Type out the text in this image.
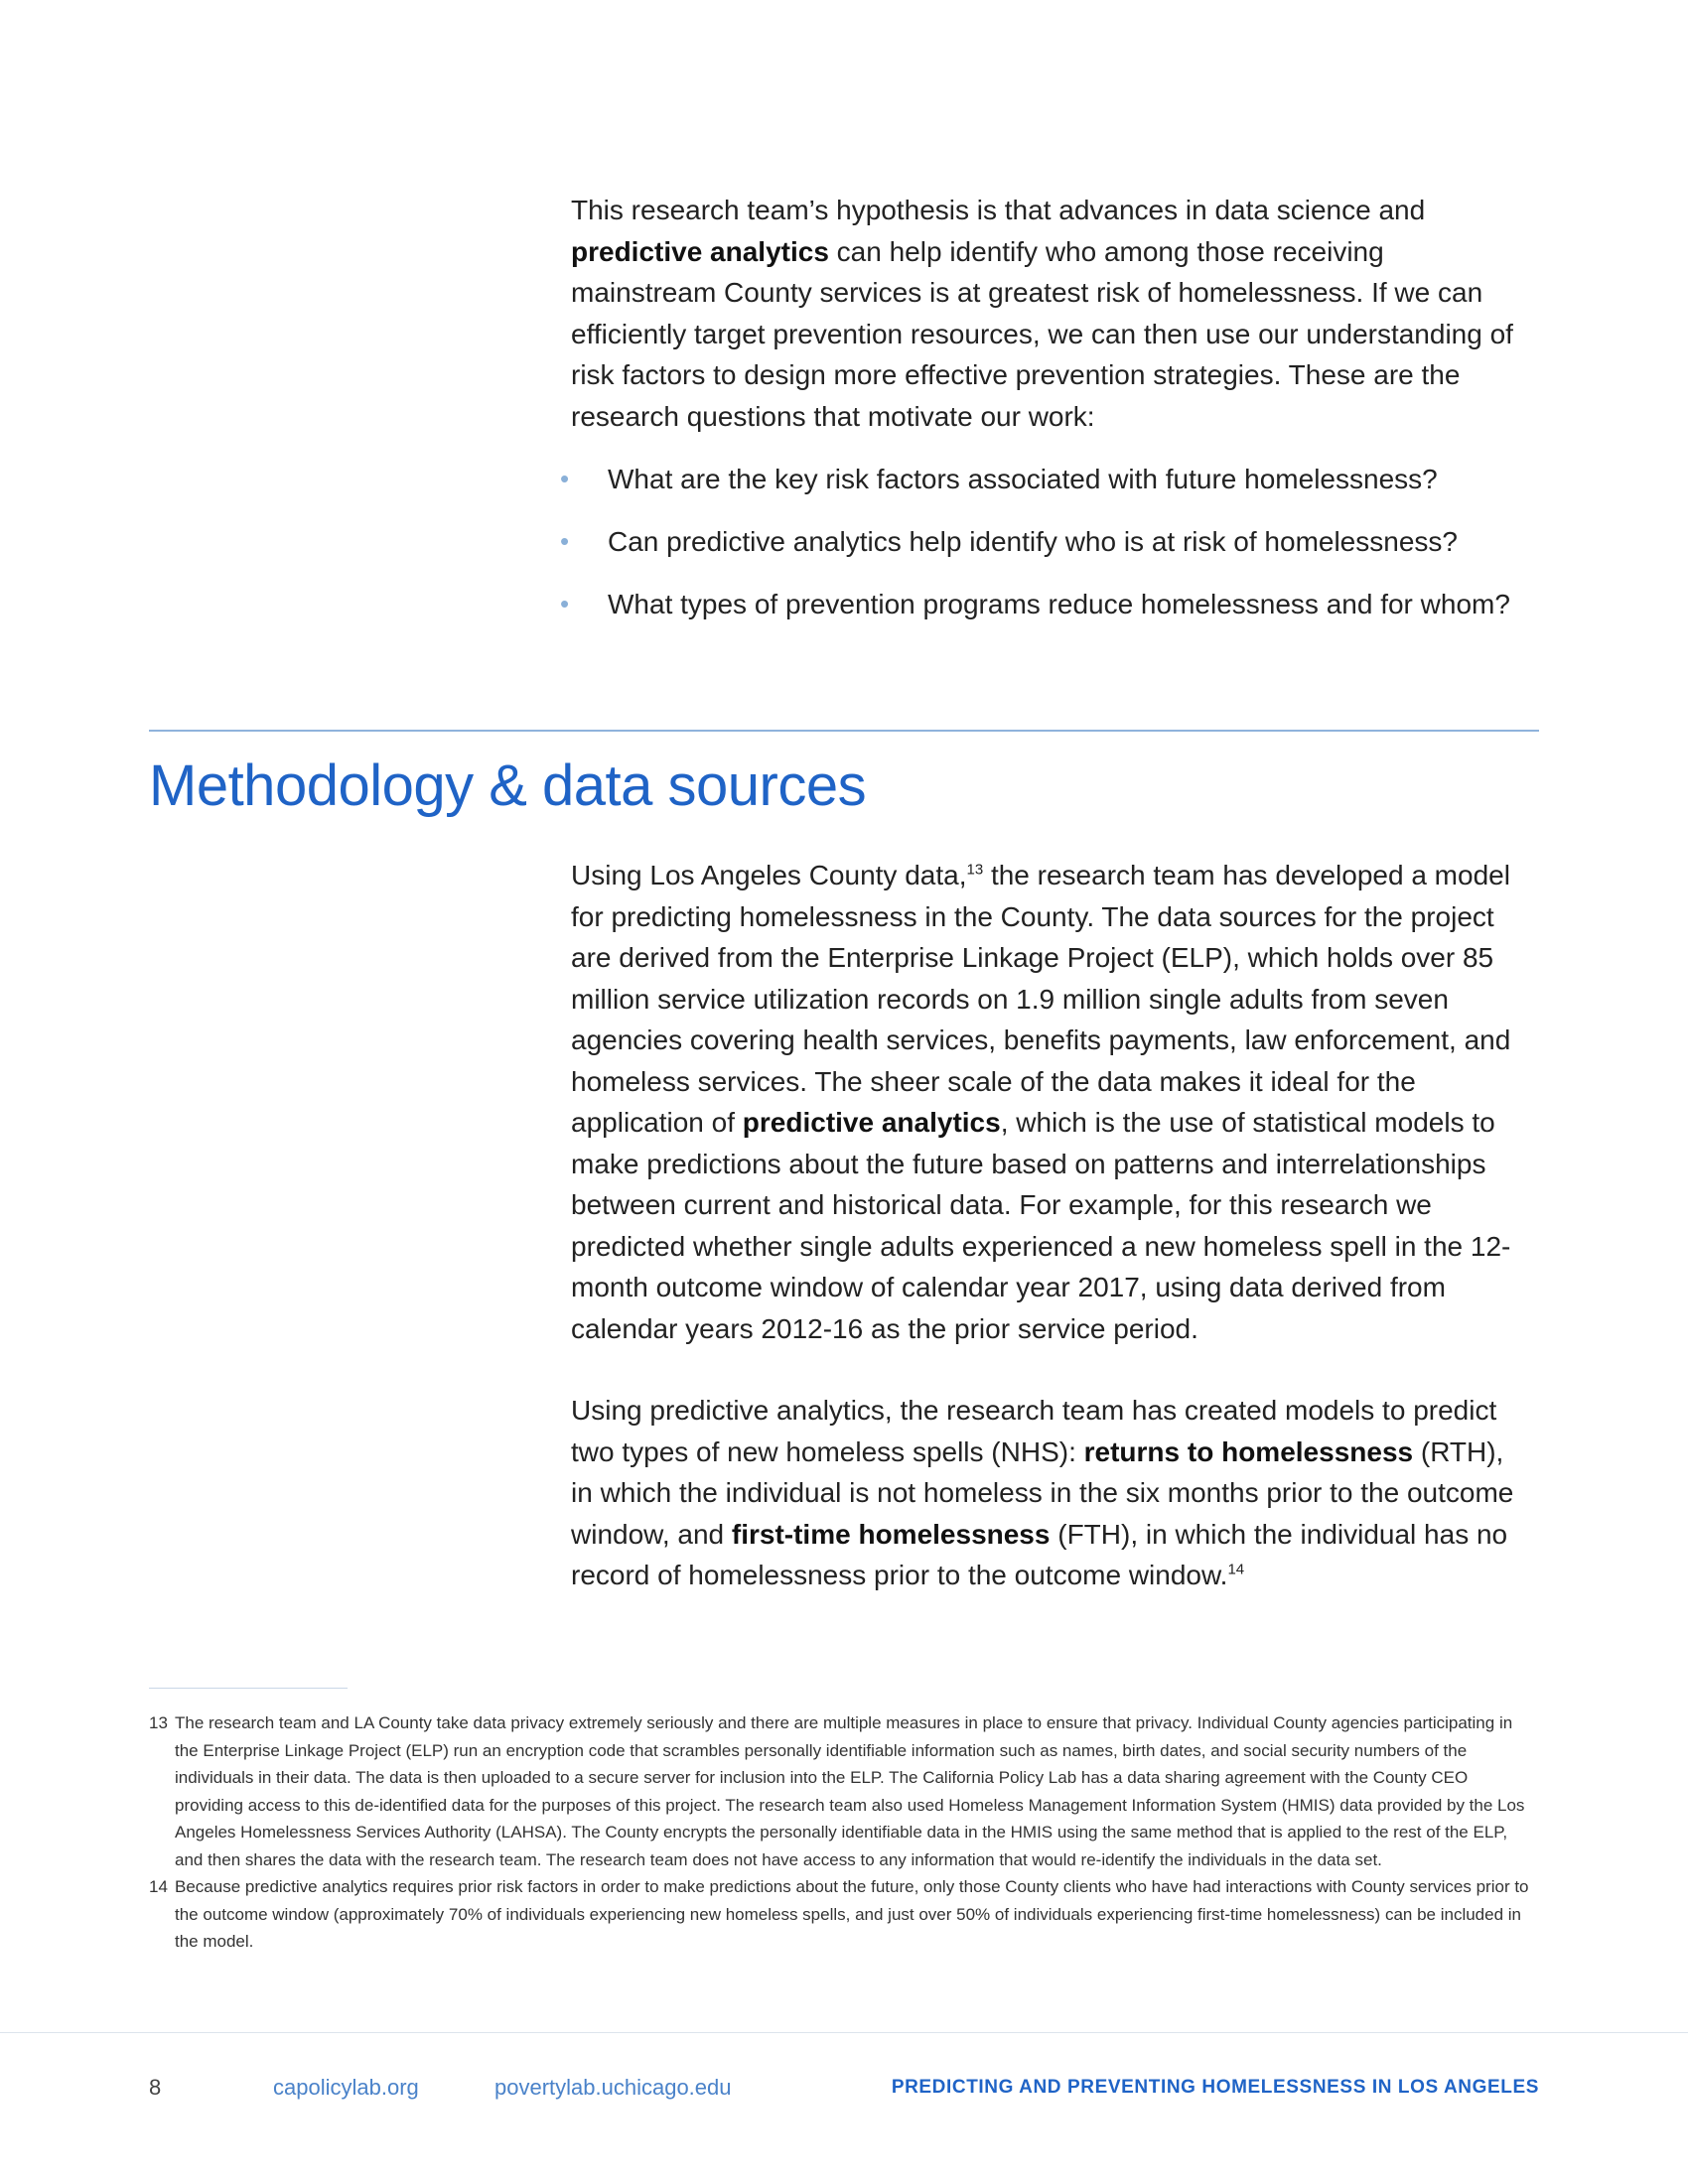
This research team’s hypothesis is that advances in data science and predictive analytics can help identify who among those receiving mainstream County services is at greatest risk of homelessness. If we can efficiently target prevention resources, we can then use our understanding of risk factors to design more effective prevention strategies. These are the research questions that motivate our work:

• What are the key risk factors associated with future homelessness?
• Can predictive analytics help identify who is at risk of homelessness?
• What types of prevention programs reduce homelessness and for whom?
Methodology & data sources

Using Los Angeles County data,$^{13}$ the research team has developed a model for predicting homelessness in the County. The data sources for the project are derived from the Enterprise Linkage Project (ELP), which holds over 85 million service utilization records on 1.9 million single adults from seven agencies covering health services, benefits payments, law enforcement, and homeless services. The sheer scale of the data makes it ideal for the application of predictive analytics, which is the use of statistical models to make predictions about the future based on patterns and interrelationships between current and historical data. For example, for this research we predicted whether single adults experienced a new homeless spell in the 12-month outcome window of calendar year 2017, using data derived from calendar years 2012-16 as the prior service period.

Using predictive analytics, the research team has created models to predict two types of new homeless spells (NHS): returns to homelessness (RTH), in which the individual is not homeless in the six months prior to the outcome window, and first-time homelessness (FTH), in which the individual has no record of homelessness prior to the outcome window.$^{14}$

13 The research team and LA County take data privacy extremely seriously and there are multiple measures in place to ensure that privacy. Individual County agencies participating in the Enterprise Linkage Project (ELP) run an encryption code that scrambles personally identifiable information such as names, birth dates, and social security numbers of the individuals in their data. The data is then uploaded to a secure server for inclusion into the ELP. The California Policy Lab has a data sharing agreement with the County CEO providing access to this de-identified data for the purposes of this project. The research team also used Homeless Management Information System (HMIS) data provided by the Los Angeles Homelessness Services Authority (LAHSA). The County encrypts the personally identifiable data in the HMIS using the same method that is applied to the rest of the ELP, and then shares the data with the research team. The research team does not have access to any information that would re-identify the individuals in the data set.

14 Because predictive analytics requires prior risk factors in order to make predictions about the future, only those County clients who have had interactions with County services prior to the outcome window (approximately 70% of individuals experiencing new homeless spells, and just over 50% of individuals experiencing first-time homelessness) can be included in the model.

8	capolicylab.org	povertylab.uchicago.edu	PREDICTING AND PREVENTING HOMELESSNESS IN LOS ANGELES
